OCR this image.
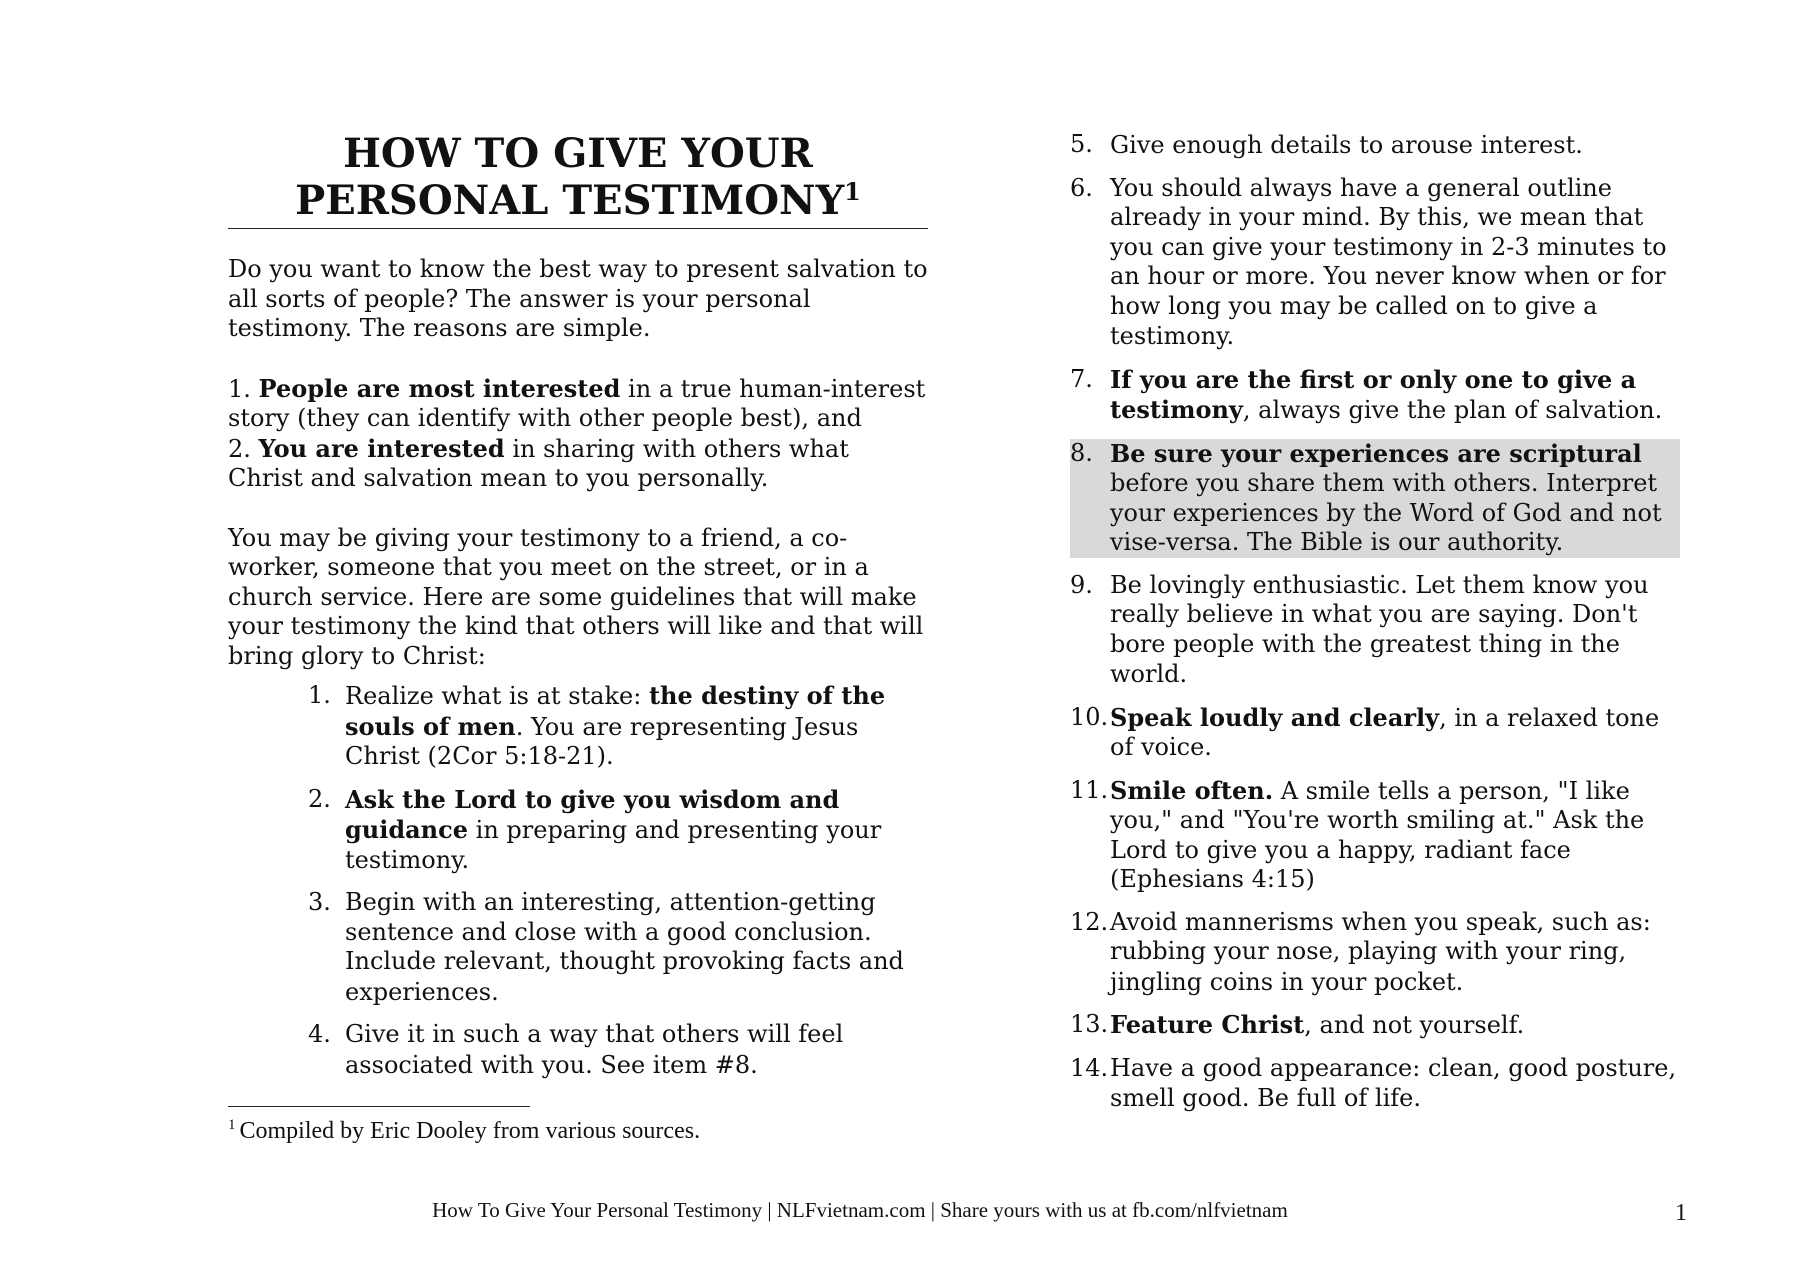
HOW TO GIVE YOUR
PERSONAL TESTIMONY$^1$

Do you want to know the best way to present salvation to all sorts of people? The answer is your personal testimony. The reasons are simple.

1. People are most interested in a true human-interest story (they can identify with other people best), and

2. You are interested in sharing with others what Christ and salvation mean to you personally.

You may be giving your testimony to a friend, a co-worker, someone that you meet on the street, or in a church service. Here are some guidelines that will make your testimony the kind that others will like and that will bring glory to Christ:

1. Realize what is at stake: the destiny of the souls of men. You are representing Jesus Christ (2Cor 5:18-21).
2. Ask the Lord to give you wisdom and guidance in preparing and presenting your testimony.
3. Begin with an interesting, attention-getting sentence and close with a good conclusion. Include relevant, thought provoking facts and experiences.
4. Give it in such a way that others will feel associated with you. See item #8.
5. Give enough details to arouse interest.
6. You should always have a general outline already in your mind. By this, we mean that you can give your testimony in 2-3 minutes to an hour or more. You never know when or for how long you may be called on to give a testimony.
7. If you are the first or only one to give a testimony, always give the plan of salvation.
8. Be sure your experiences are scriptural before you share them with others. Interpret your experiences by the Word of God and not vise-versa. The Bible is our authority.
9. Be lovingly enthusiastic. Let them know you really believe in what you are saying. Don't bore people with the greatest thing in the world.
10. Speak loudly and clearly, in a relaxed tone of voice.
11. Smile often. A smile tells a person, "I like you," and "You're worth smiling at." Ask the Lord to give you a happy, radiant face (Ephesians 4:15)
12. Avoid mannerisms when you speak, such as: rubbing your nose, playing with your ring, jingling coins in your pocket.
13. Feature Christ, and not yourself.
14. Have a good appearance: clean, good posture, smell good. Be full of life.
$^1$ Compiled by Eric Dooley from various sources.
How To Give Your Personal Testimony | NLFvietnam.com | Share yours with us at fb.com/nlfvietnam	1
